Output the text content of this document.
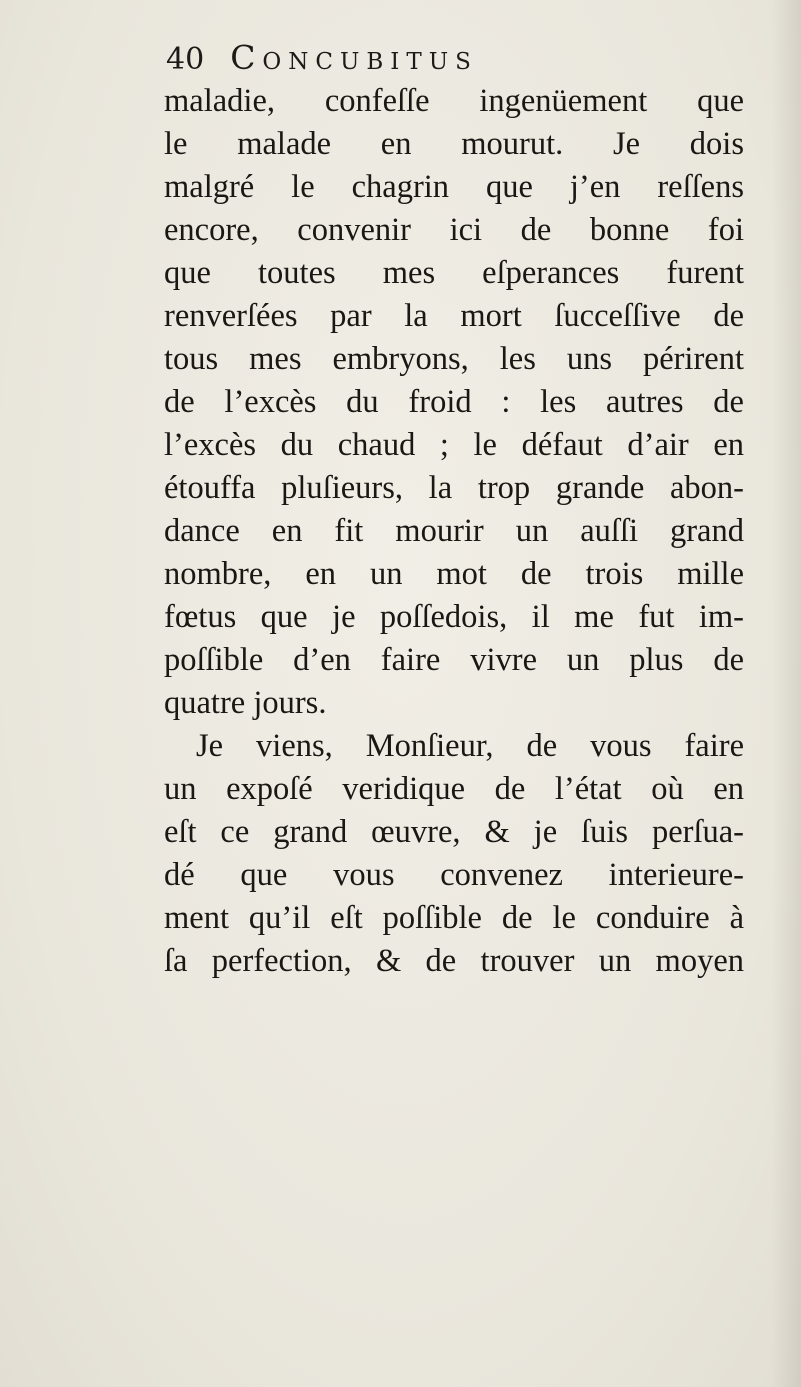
40 Concubitus
maladie, confeſſe ingenüement que
le malade en mourut. Je dois
malgré le chagrin que j’en reſſens
encore, convenir ici de bonne foi
que toutes mes eſperances furent
renverſées par la mort ſucceſſive de
tous mes embryons, les uns périrent
de l’excès du froid : les autres de
l’excès du chaud ; le défaut d’air en
étouffa pluſieurs, la trop grande abon-
dance en fit mourir un auſſi grand
nombre, en un mot de trois mille
fœtus que je poſſedois, il me fut im-
poſſible d’en faire vivre un plus de
quatre jours.
Je viens, Monſieur, de vous faire
un expoſé veridique de l’état où en
eſt ce grand œuvre, & je ſuis perſua-
dé que vous convenez interieure-
ment qu’il eſt poſſible de le conduire à
ſa perfection, & de trouver un moyen
